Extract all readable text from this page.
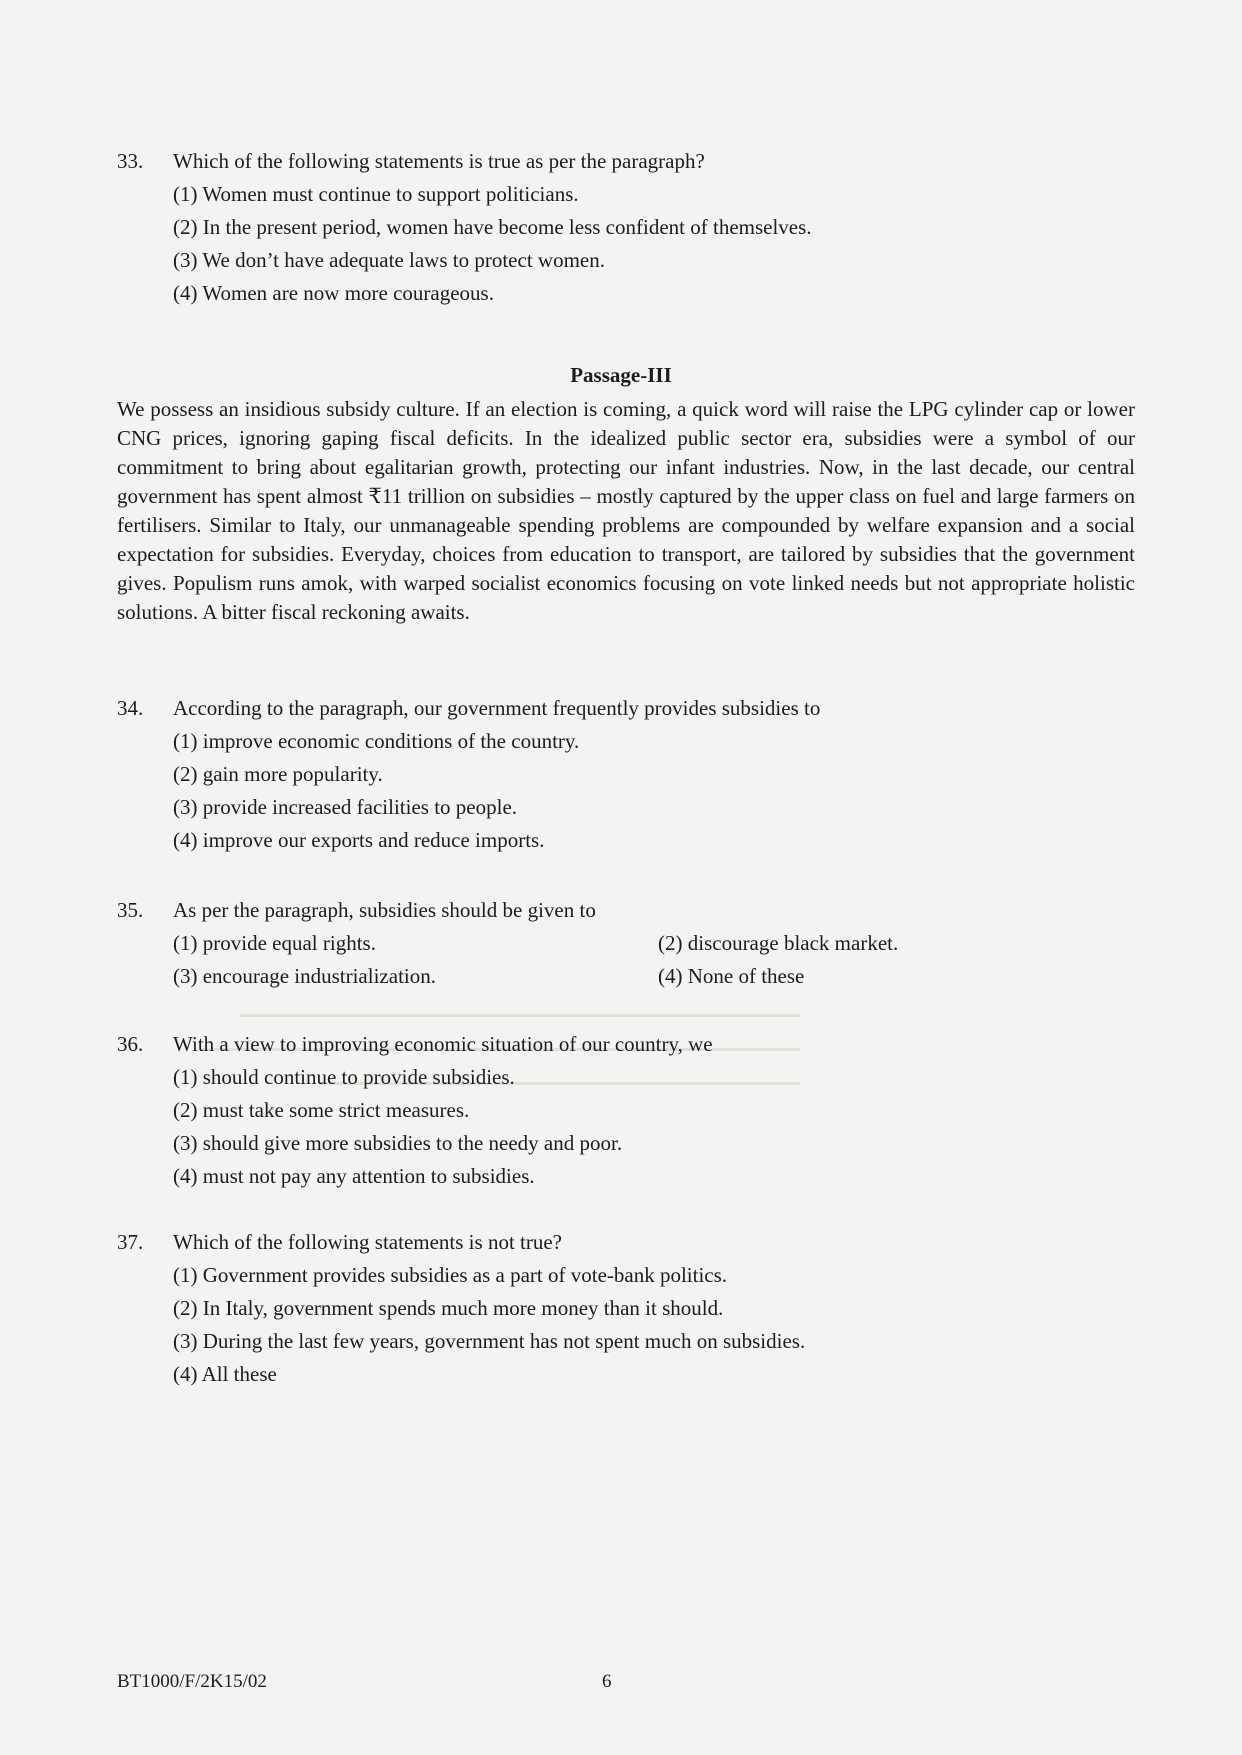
33.	Which of the following statements is true as per the paragraph?
(1) Women must continue to support politicians.
(2) In the present period, women have become less confident of themselves.
(3) We don’t have adequate laws to protect women.
(4) Women are now more courageous.
Passage-III
We possess an insidious subsidy culture. If an election is coming, a quick word will raise the LPG cylinder cap or lower CNG prices, ignoring gaping fiscal deficits. In the idealized public sector era, subsidies were a symbol of our commitment to bring about egalitarian growth, protecting our infant industries. Now, in the last decade, our central government has spent almost ₹11 trillion on subsidies – mostly captured by the upper class on fuel and large farmers on fertilisers. Similar to Italy, our unmanageable spending problems are compounded by welfare expansion and a social expectation for subsidies. Everyday, choices from education to transport, are tailored by subsidies that the government gives. Populism runs amok, with warped socialist economics focusing on vote linked needs but not appropriate holistic solutions. A bitter fiscal reckoning awaits.
34.	According to the paragraph, our government frequently provides subsidies to
(1) improve economic conditions of the country.
(2) gain more popularity.
(3) provide increased facilities to people.
(4) improve our exports and reduce imports.
35.	As per the paragraph, subsidies should be given to
(1) provide equal rights.	(2) discourage black market.
(3) encourage industrialization.	(4) None of these
36.	With a view to improving economic situation of our country, we
(1) should continue to provide subsidies.
(2) must take some strict measures.
(3) should give more subsidies to the needy and poor.
(4) must not pay any attention to subsidies.
37.	Which of the following statements is not true?
(1) Government provides subsidies as a part of vote-bank politics.
(2) In Italy, government spends much more money than it should.
(3) During the last few years, government has not spent much on subsidies.
(4) All these
BT1000/F/2K15/02	6
